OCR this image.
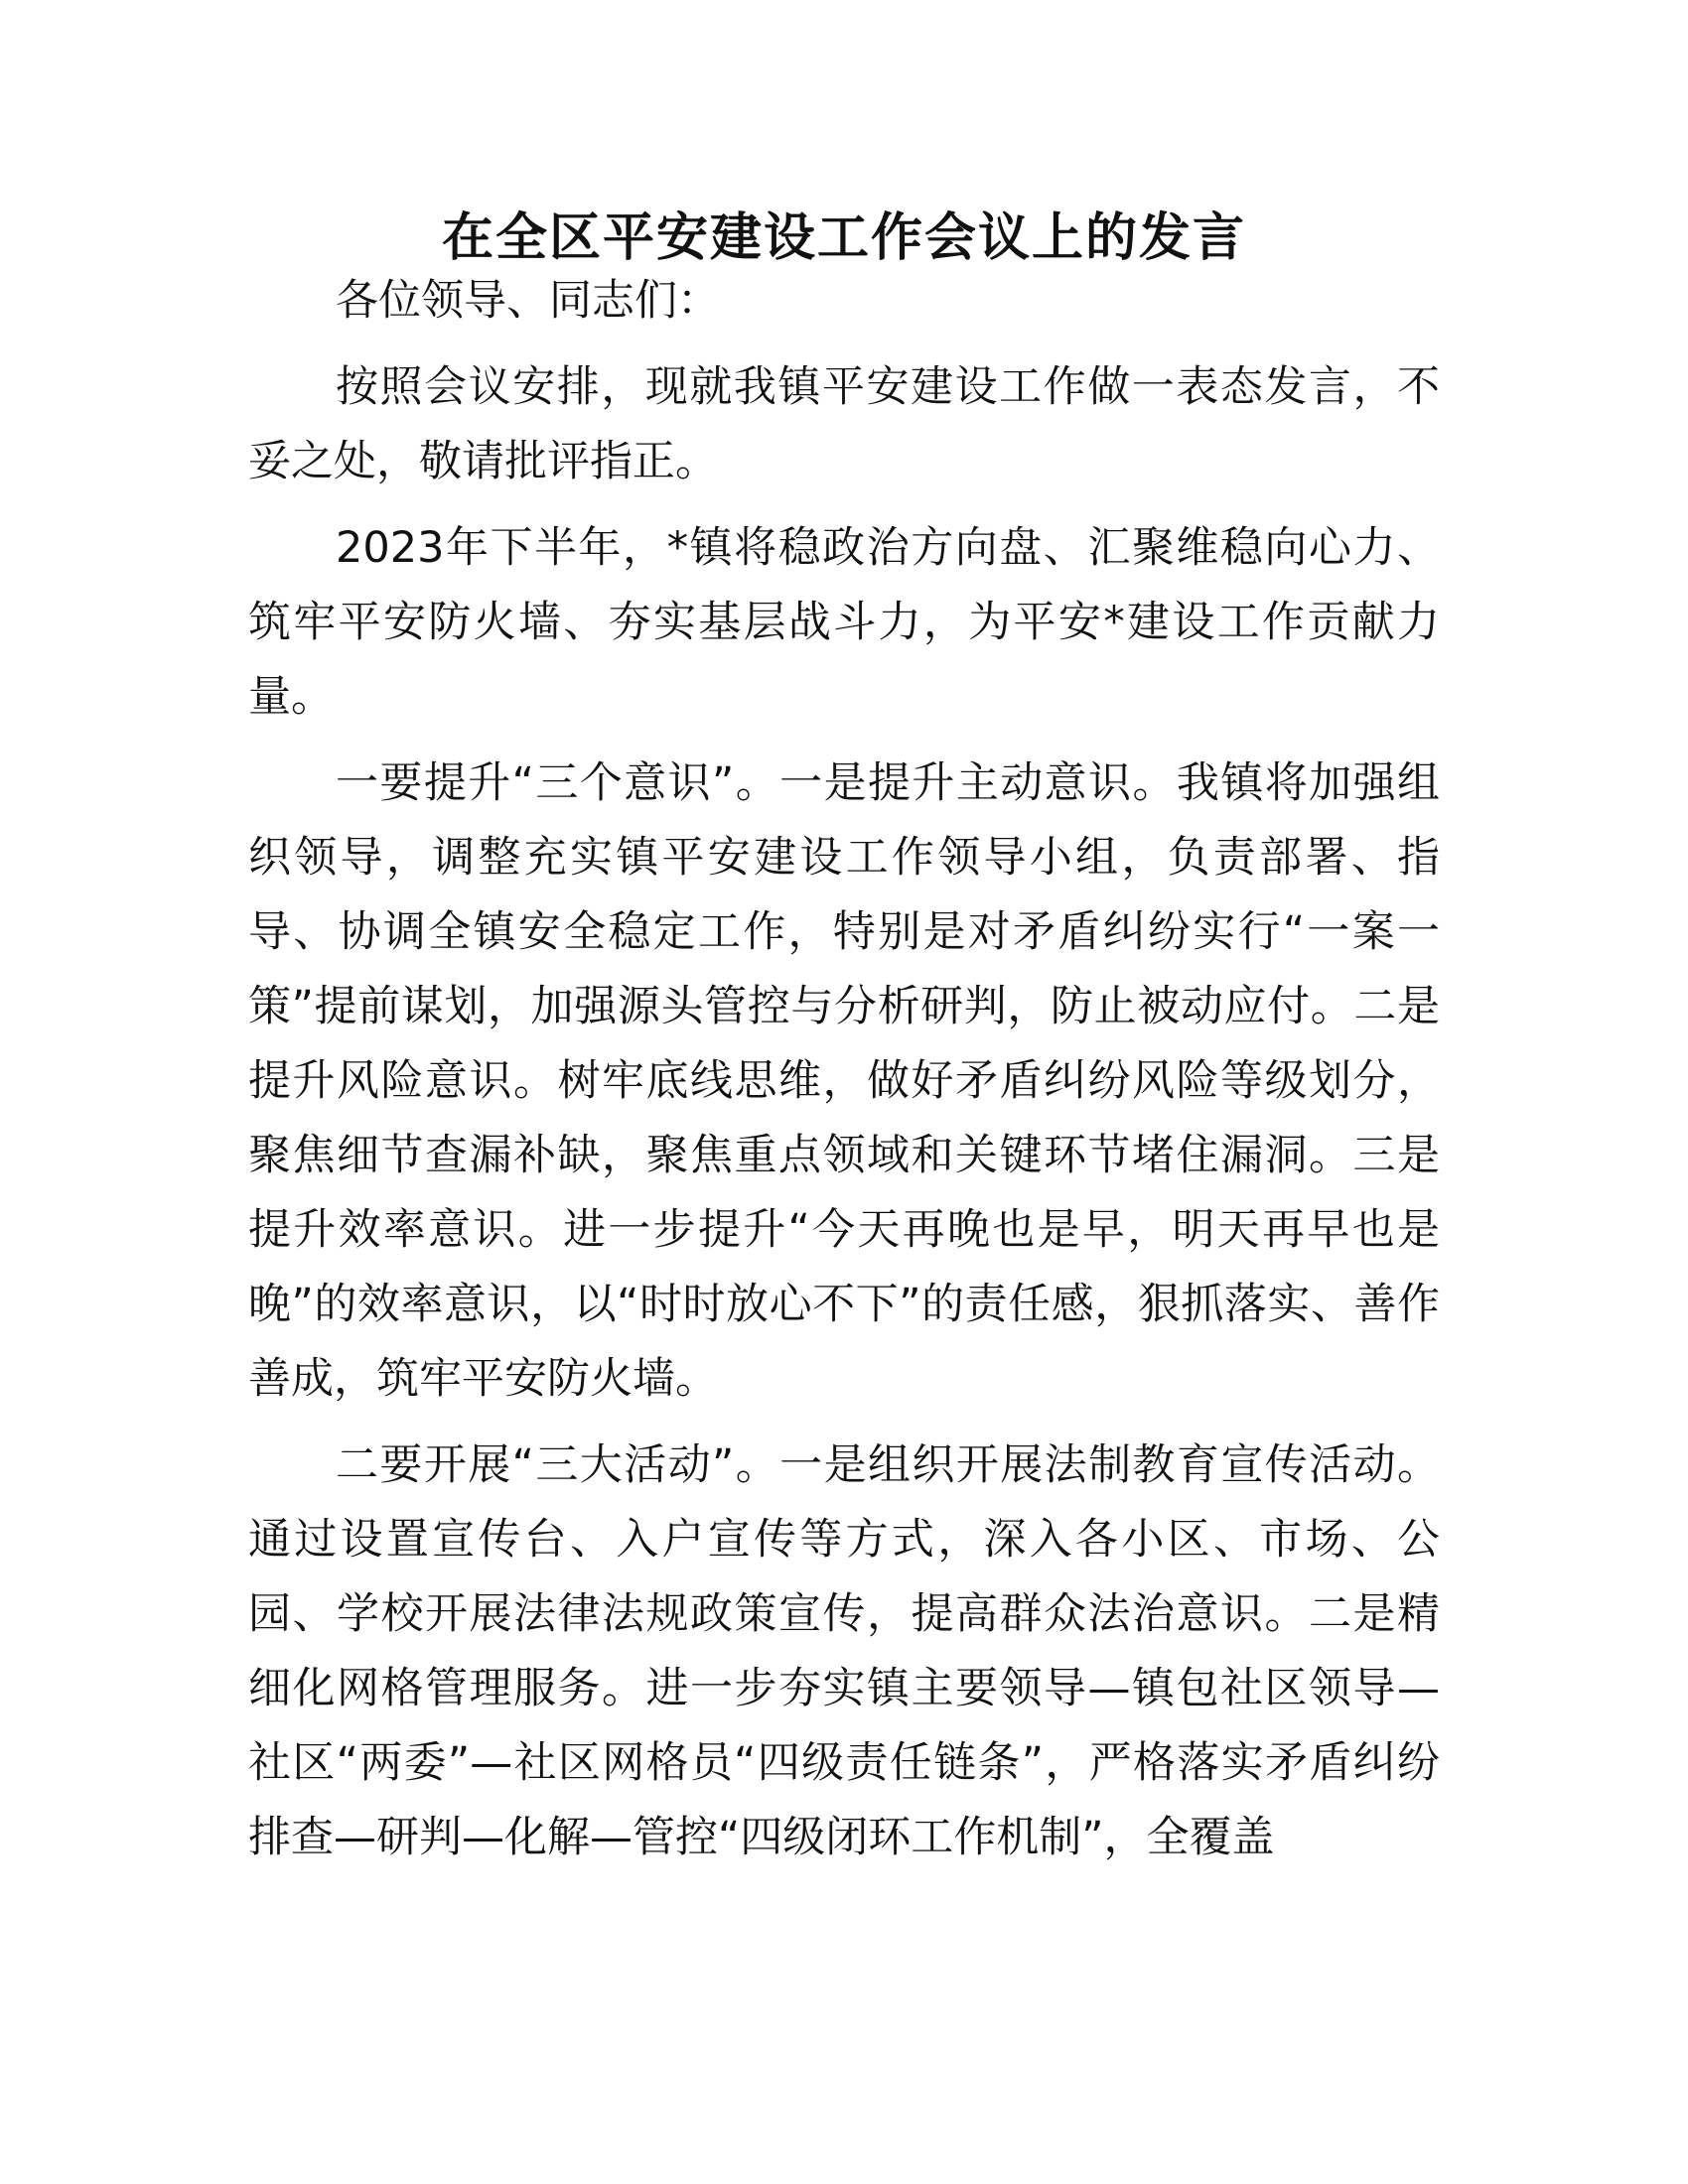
在全区平安建设工作会议上的发言

各位领导、同志们：

按照会议安排，现就我镇平安建设工作做一表态发言，不妥之处，敬请批评指正。

2023年下半年，*镇将稳政治方向盘、汇聚维稳向心力、筑牢平安防火墙、夯实基层战斗力，为平安*建设工作贡献力量。

一要提升“三个意识”。一是提升主动意识。我镇将加强组织领导，调整充实镇平安建设工作领导小组，负责部署、指导、协调全镇安全稳定工作，特别是对矛盾纠纷实行“一案一策”提前谋划，加强源头管控与分析研判，防止被动应付。二是提升风险意识。树牢底线思维，做好矛盾纠纷风险等级划分，聚焦细节查漏补缺，聚焦重点领域和关键环节堵住漏洞。三是提升效率意识。进一步提升“今天再晚也是早，明天再早也是晚”的效率意识，以“时时放心不下”的责任感，狠抓落实、善作善成，筑牢平安防火墙。

二要开展“三大活动”。一是组织开展法制教育宣传活动。通过设置宣传台、入户宣传等方式，深入各小区、市场、公园、学校开展法律法规政策宣传，提高群众法治意识。二是精细化网格管理服务。进一步夯实镇主要领导—镇包社区领导—社区“两委”—社区网格员“四级责任链条”，严格落实矛盾纠纷排查—研判—化解—管控“四级闭环工作机制”，全覆盖
